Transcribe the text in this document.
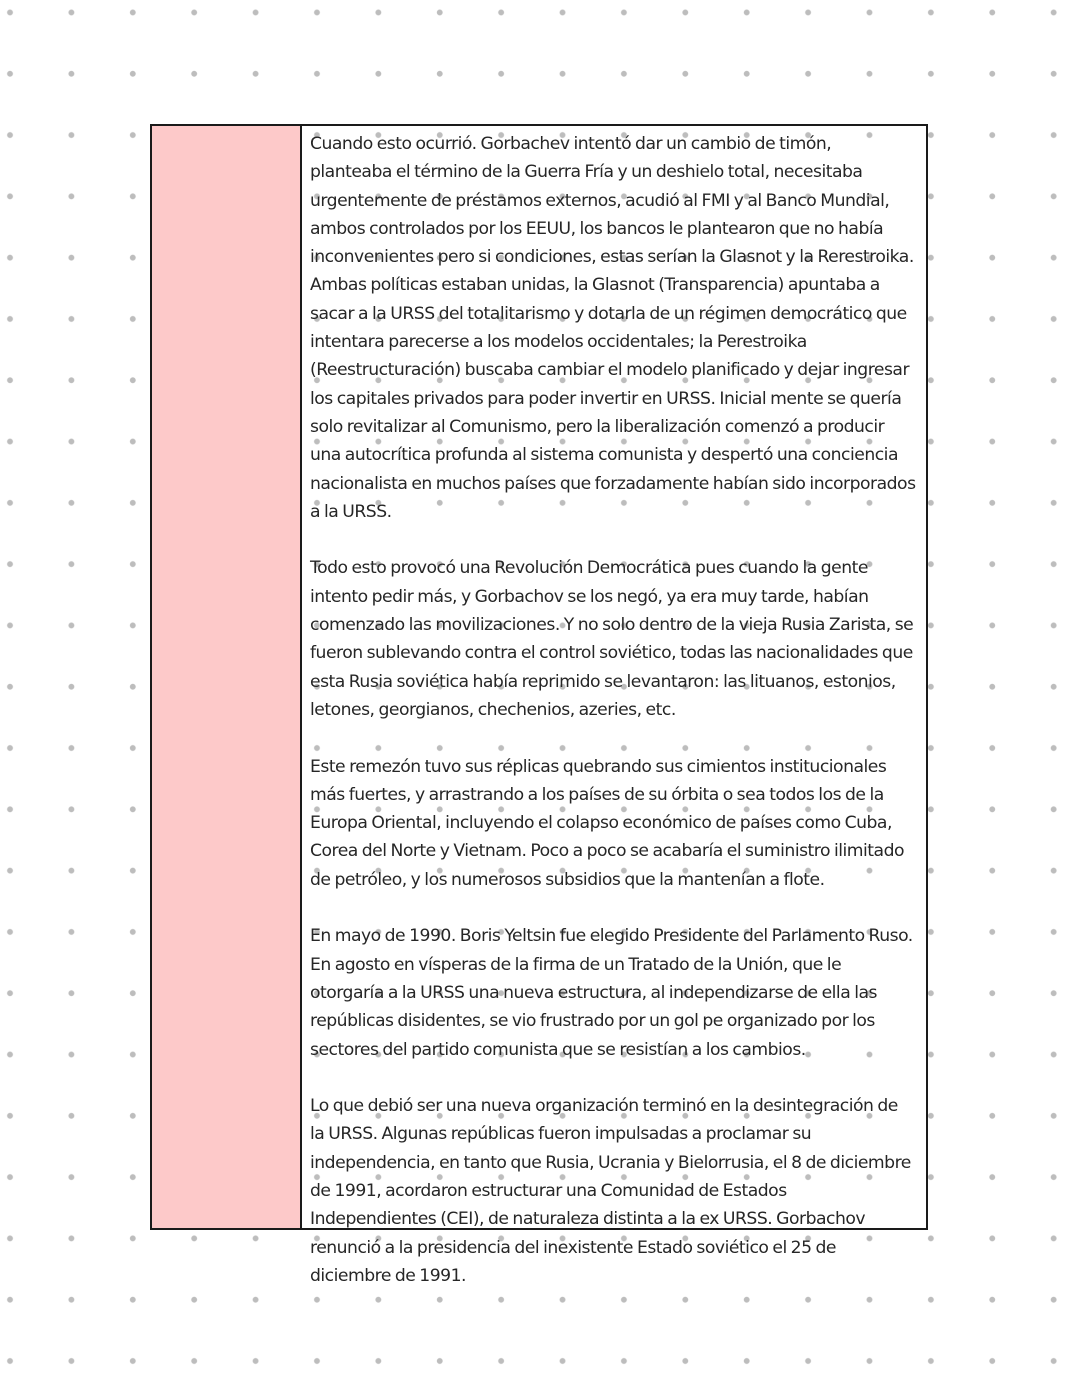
Cuando esto ocurrió. Gorbachev intentó dar un cambio de timón, planteaba el término de la Guerra Fría y un deshielo total, necesitaba urgentemente de préstamos externos, acudió al FMI y al Banco Mundial, ambos controlados por los EEUU, los bancos le plantearon que no había inconvenientes pero si condiciones, estas serían la Glasnot y la Rerestroika. Ambas políticas estaban unidas, la Glasnot (Transparencia) apuntaba a sacar a la URSS del totalitarismo y dotarla de un régimen democrático que intentara parecerse a los modelos occidentales; la Perestroika (Reestructuración) buscaba cambiar el modelo planificado y dejar ingresar los capitales privados para poder invertir en URSS. Inicial mente se quería solo revitalizar al Comunismo, pero la liberalización comenzó a producir una autocrítica profunda al sistema comunista y despertó una conciencia nacionalista en muchos países que forzadamente habían sido incorporados a la URSS.

Todo esto provocó una Revolución Democrática pues cuando la gente intento pedir más, y Gorbachov se los negó, ya era muy tarde, habían comenzado las movilizaciones. Y no solo dentro de la vieja Rusia Zarista, se fueron sublevando contra el control soviético, todas las nacionalidades que esta Rusia soviética había reprimido se levantaron: las lituanos, estonios, letones, georgianos, chechenios, azeries, etc.

Este remezón tuvo sus réplicas quebrando sus cimientos institucionales más fuertes, y arrastrando a los países de su órbita o sea todos los de la Europa Oriental, incluyendo el colapso económico de países como Cuba, Corea del Norte y Vietnam. Poco a poco se acabaría el suministro ilimitado de petróleo, y los numerosos subsidios que la mantenían a flote.

En mayo de 1990. Boris Yeltsin fue elegido Presidente del Parlamento Ruso. En agosto en vísperas de la firma de un Tratado de la Unión, que le otorgaría a la URSS una nueva estructura, al independizarse de ella las repúblicas disidentes, se vio frustrado por un gol pe organizado por los sectores del partido comunista que se resistían a los cambios.

Lo que debió ser una nueva organización terminó en la desintegración de la URSS. Algunas repúblicas fueron impulsadas a proclamar su independencia, en tanto que Rusia, Ucrania y Bielorrusia, el 8 de diciembre de 1991, acordaron estructurar una Comunidad de Estados Independientes (CEI), de naturaleza distinta a la ex URSS. Gorbachov renunció a la presidencia del inexistente Estado soviético el 25 de diciembre de 1991.
